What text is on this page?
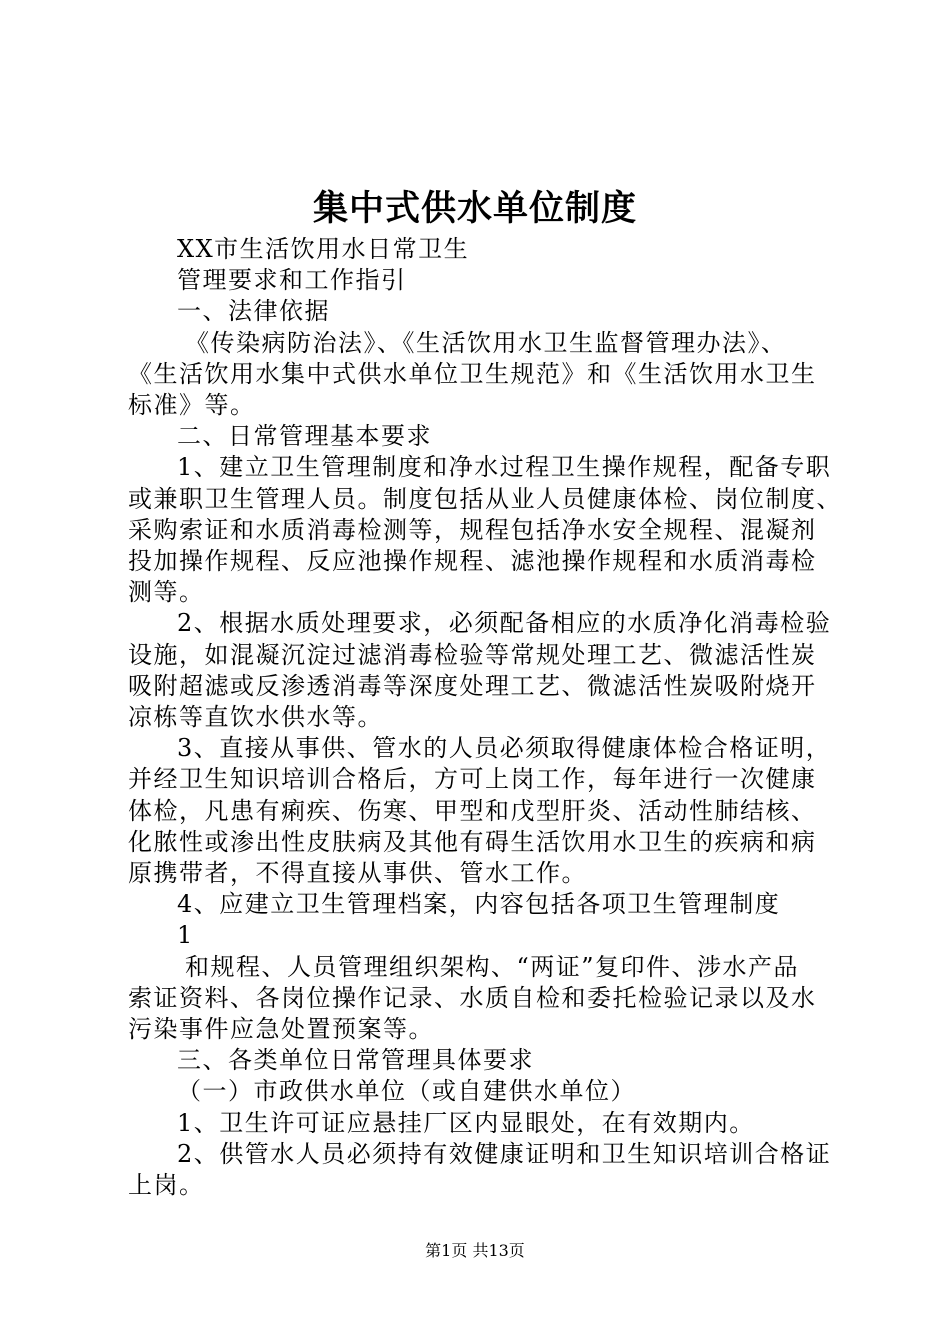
集中式供水单位制度

XX市生活饮用水日常卫生

管理要求和工作指引

一、法律依据

《传染病防治法》、《生活饮用水卫生监督管理办法》、

《生活饮用水集中式供水单位卫生规范》和《生活饮用水卫生

标准》等。

二、日常管理基本要求

1、建立卫生管理制度和净水过程卫生操作规程，配备专职

或兼职卫生管理人员。制度包括从业人员健康体检、岗位制度、

采购索证和水质消毒检测等，规程包括净水安全规程、混凝剂

投加操作规程、反应池操作规程、滤池操作规程和水质消毒检

测等。

2、根据水质处理要求，必须配备相应的水质净化消毒检验

设施，如混凝沉淀过滤消毒检验等常规处理工艺、微滤活性炭

吸附超滤或反渗透消毒等深度处理工艺、微滤活性炭吸附烧开

凉栋等直饮水供水等。

3、直接从事供、管水的人员必须取得健康体检合格证明，

并经卫生知识培训合格后，方可上岗工作，每年进行一次健康

体检，凡患有痢疾、伤寒、甲型和戊型肝炎、活动性肺结核、

化脓性或渗出性皮肤病及其他有碍生活饮用水卫生的疾病和病

原携带者，不得直接从事供、管水工作。

4、应建立卫生管理档案，内容包括各项卫生管理制度

1

和规程、人员管理组织架构、“两证”复印件、涉水产品

索证资料、各岗位操作记录、水质自检和委托检验记录以及水

污染事件应急处置预案等。

三、各类单位日常管理具体要求

（一）市政供水单位（或自建供水单位）

1、卫生许可证应悬挂厂区内显眼处，在有效期内。

2、供管水人员必须持有效健康证明和卫生知识培训合格证

上岗。

第1页 共13页
